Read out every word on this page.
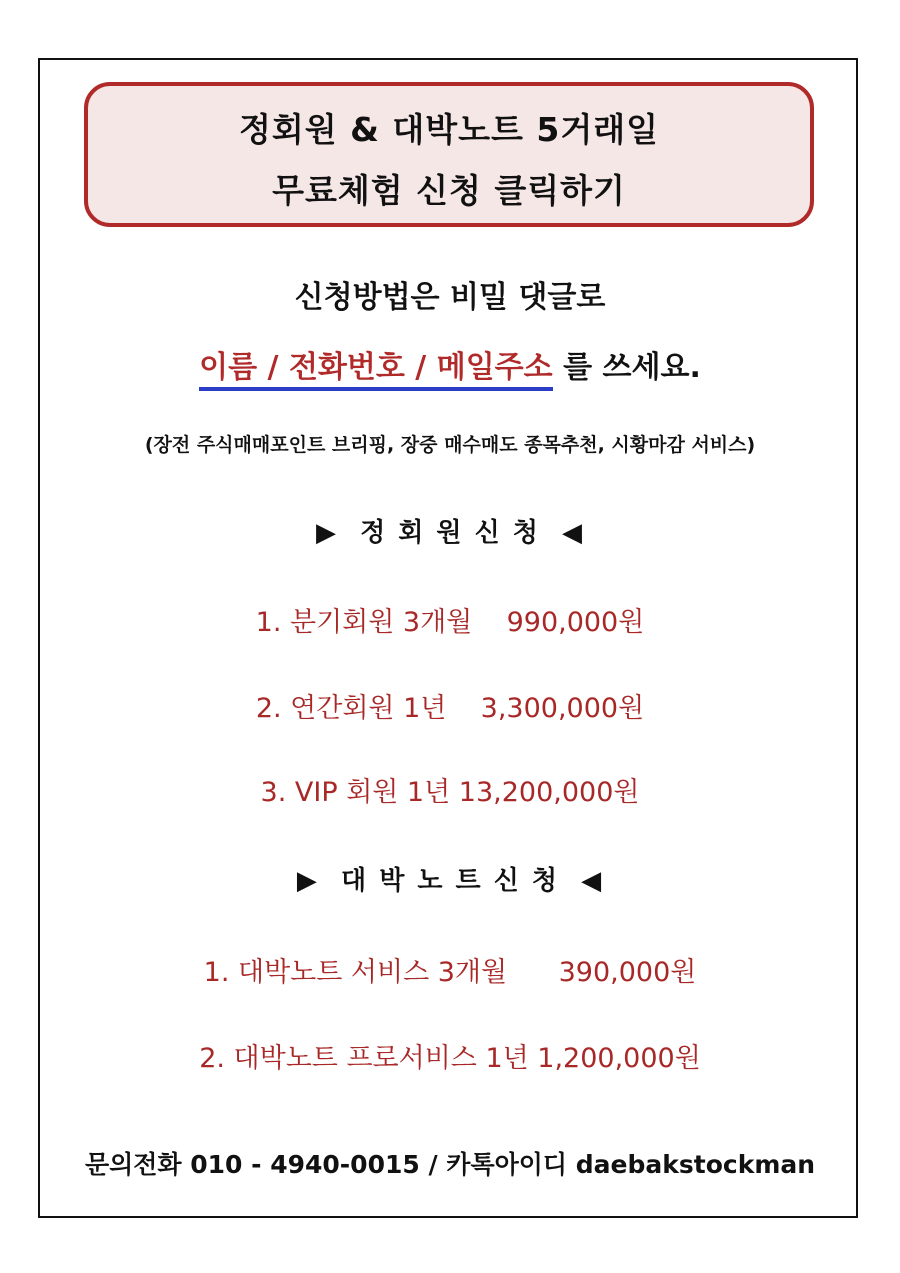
정회원 & 대박노트 5거래일
무료체험 신청 클릭하기
신청방법은 비밀 댓글로
이름 / 전화번호 / 메일주소 를 쓰세요.
(장전 주식매매포인트 브리핑, 장중 매수매도 종목추천, 시황마감 서비스)
▶  정 회 원 신 청  ◀
1. 분기회원 3개월    990,000원
2. 연간회원 1년    3,300,000원
3. VIP 회원 1년 13,200,000원
▶  대 박 노 트 신 청  ◀
1. 대박노트 서비스 3개월      390,000원
2. 대박노트 프로서비스 1년 1,200,000원
문의전화 010 - 4940-0015 / 카톡아이디 daebakstockman
